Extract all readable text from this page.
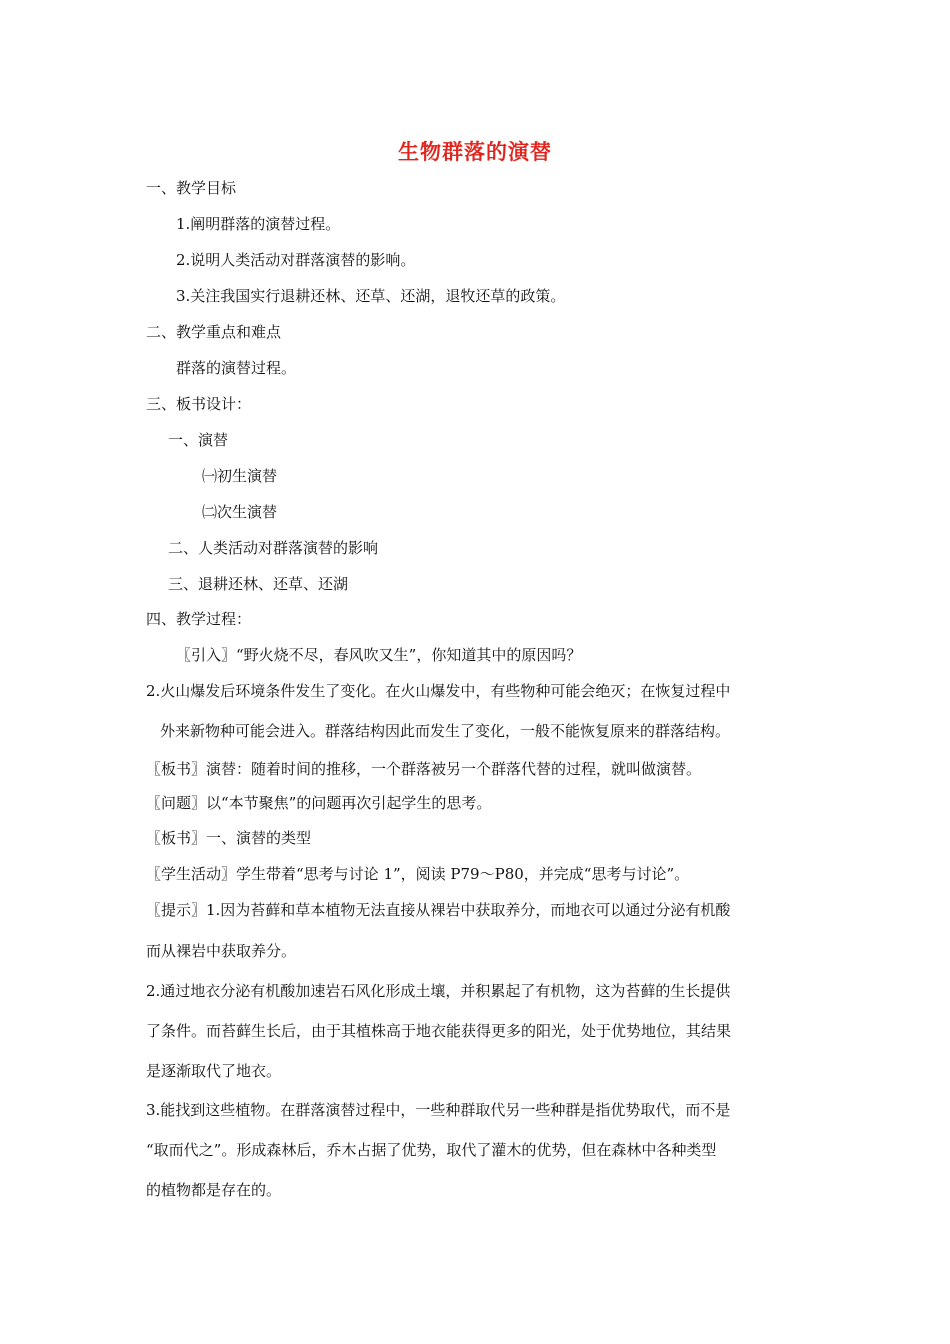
生物群落的演替
一、教学目标
1.阐明群落的演替过程。
2.说明人类活动对群落演替的影响。
3.关注我国实行退耕还林、还草、还湖，退牧还草的政策。
二、教学重点和难点
群落的演替过程。
三、板书设计：
一、演替
㈠初生演替
㈡次生演替
二、人类活动对群落演替的影响
三、退耕还林、还草、还湖
四、教学过程：
〖引入〗“野火烧不尽，春风吹又生”，你知道其中的原因吗？
2.火山爆发后环境条件发生了变化。在火山爆发中，有些物种可能会绝灭；在恢复过程中
外来新物种可能会进入。群落结构因此而发生了变化，一般不能恢复原来的群落结构。
〖板书〗演替：随着时间的推移，一个群落被另一个群落代替的过程，就叫做演替。
〖问题〗以“本节聚焦”的问题再次引起学生的思考。
〖板书〗一、演替的类型
〖学生活动〗学生带着“思考与讨论 1”，阅读 P79～P80，并完成“思考与讨论”。
〖提示〗1.因为苔藓和草本植物无法直接从裸岩中获取养分，而地衣可以通过分泌有机酸
而从裸岩中获取养分。
2.通过地衣分泌有机酸加速岩石风化形成土壤，并积累起了有机物，这为苔藓的生长提供
了条件。而苔藓生长后，由于其植株高于地衣能获得更多的阳光，处于优势地位，其结果
是逐渐取代了地衣。
3.能找到这些植物。在群落演替过程中，一些种群取代另一些种群是指优势取代，而不是
“取而代之”。形成森林后，乔木占据了优势，取代了灌木的优势，但在森林中各种类型
的植物都是存在的。
